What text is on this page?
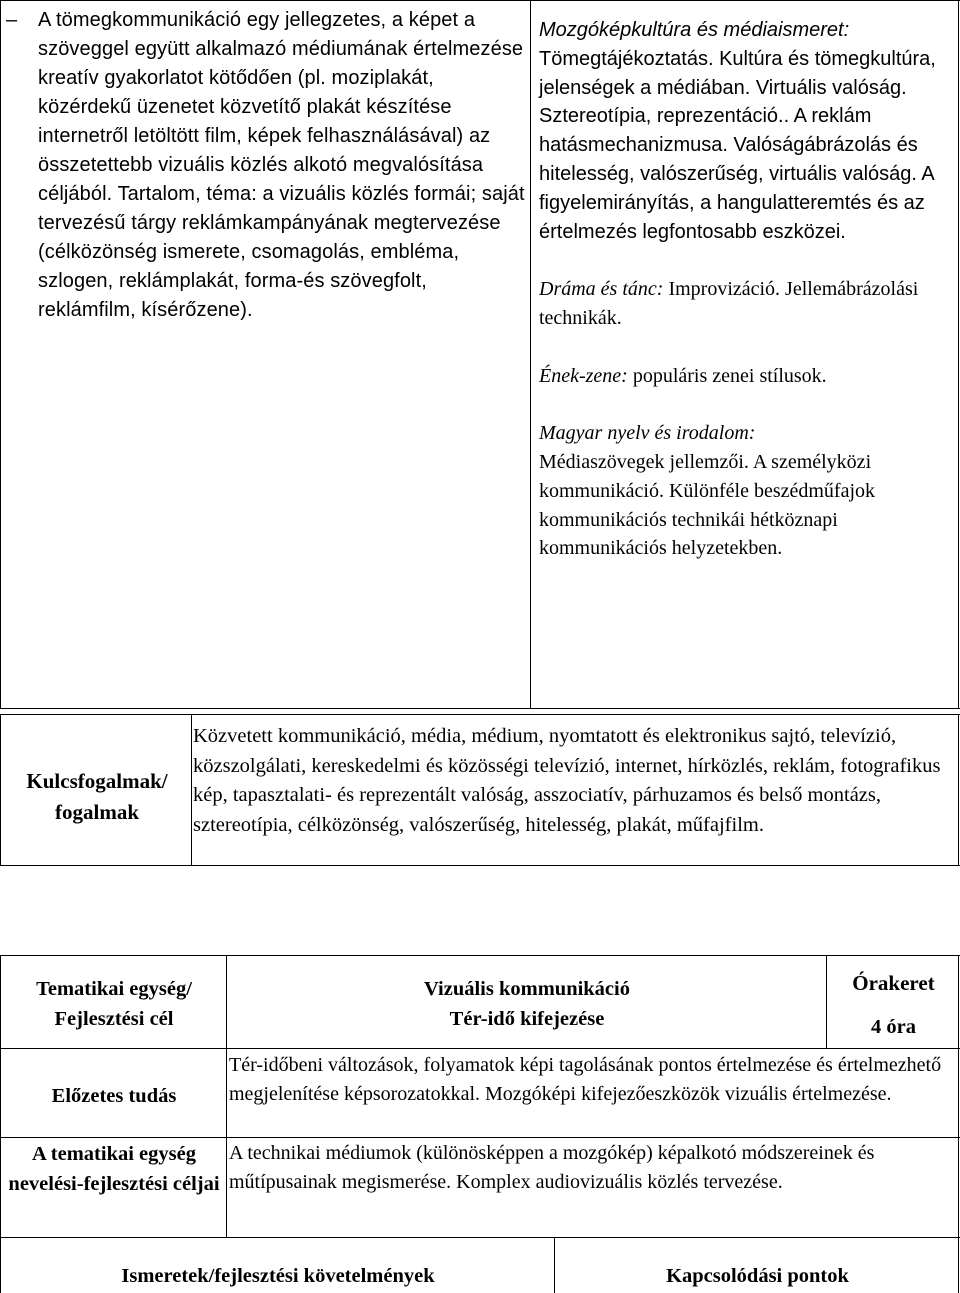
– A tömegkommunikáció egy jellegzetes, a képet a szöveggel együtt alkalmazó médiumának értelmezése kreatív gyakorlatot kötődően (pl. moziplakát, közérdekű üzenetet közvetítő plakát készítése internetről letöltött film, képek felhasználásával) az összetettebb vizuális közlés alkotó megvalósítása céljából. Tartalom, téma: a vizuális közlés formái; saját tervezésű tárgy reklámkampányának megtervezése (célközönség ismerete, csomagolás, embléma, szlogen, reklámplakát, forma-és szövegfolt, reklámfilm, kísérőzene).

Mozgóképkultúra és médiaismeret:
Tömegtájékoztatás. Kultúra és tömegkultúra, jelenségek a médiában. Virtuális valóság. Sztereotípia, reprezentáció.. A reklám hatásmechanizmusa. Valóságábrázolás és hitelesség, valószerűség, virtuális valóság. A figyelemirányítás, a hangulatteremtés és az értelmezés legfontosabb eszközei.

Dráma és tánc: Improvizáció. Jellemábrázolási technikák.

Ének-zene: populáris zenei stílusok.

Magyar nyelv és irodalom:
Médiaszövegek jellemzői. A személyközi kommunikáció. Különféle beszédműfajok kommunikációs technikái hétköznapi kommunikációs helyzetekben.

Kulcsfogalmak/ fogalmak
Közvetett kommunikáció, média, médium, nyomtatott és elektronikus sajtó, televízió, közszolgálati, kereskedelmi és közösségi televízió, internet, hírközlés, reklám, fotografikus kép, tapasztalati- és reprezentált valóság, asszociatív, párhuzamos és belső montázs, sztereotípia, célközönség, valószerűség, hitelesség, plakát, műfajfilm.
Tematikai egység/ Fejlesztési cél
Vizuális kommunikáció
Tér-idő kifejezése
Órakeret
4 óra
Előzetes tudás
Tér-időbeni változások, folyamatok képi tagolásának pontos értelmezése és értelmezhető megjelenítése képsorozatokkal. Mozgóképi kifejezőeszközök vizuális értelmezése.
A tematikai egység nevelési-fejlesztési céljai
A technikai médiumok (különösképpen a mozgókép) képalkotó módszereinek és műtípusainak megismerése. Komplex audiovizuális közlés tervezése.
Ismeretek/fejlesztési követelmények	Kapcsolódási pontok
